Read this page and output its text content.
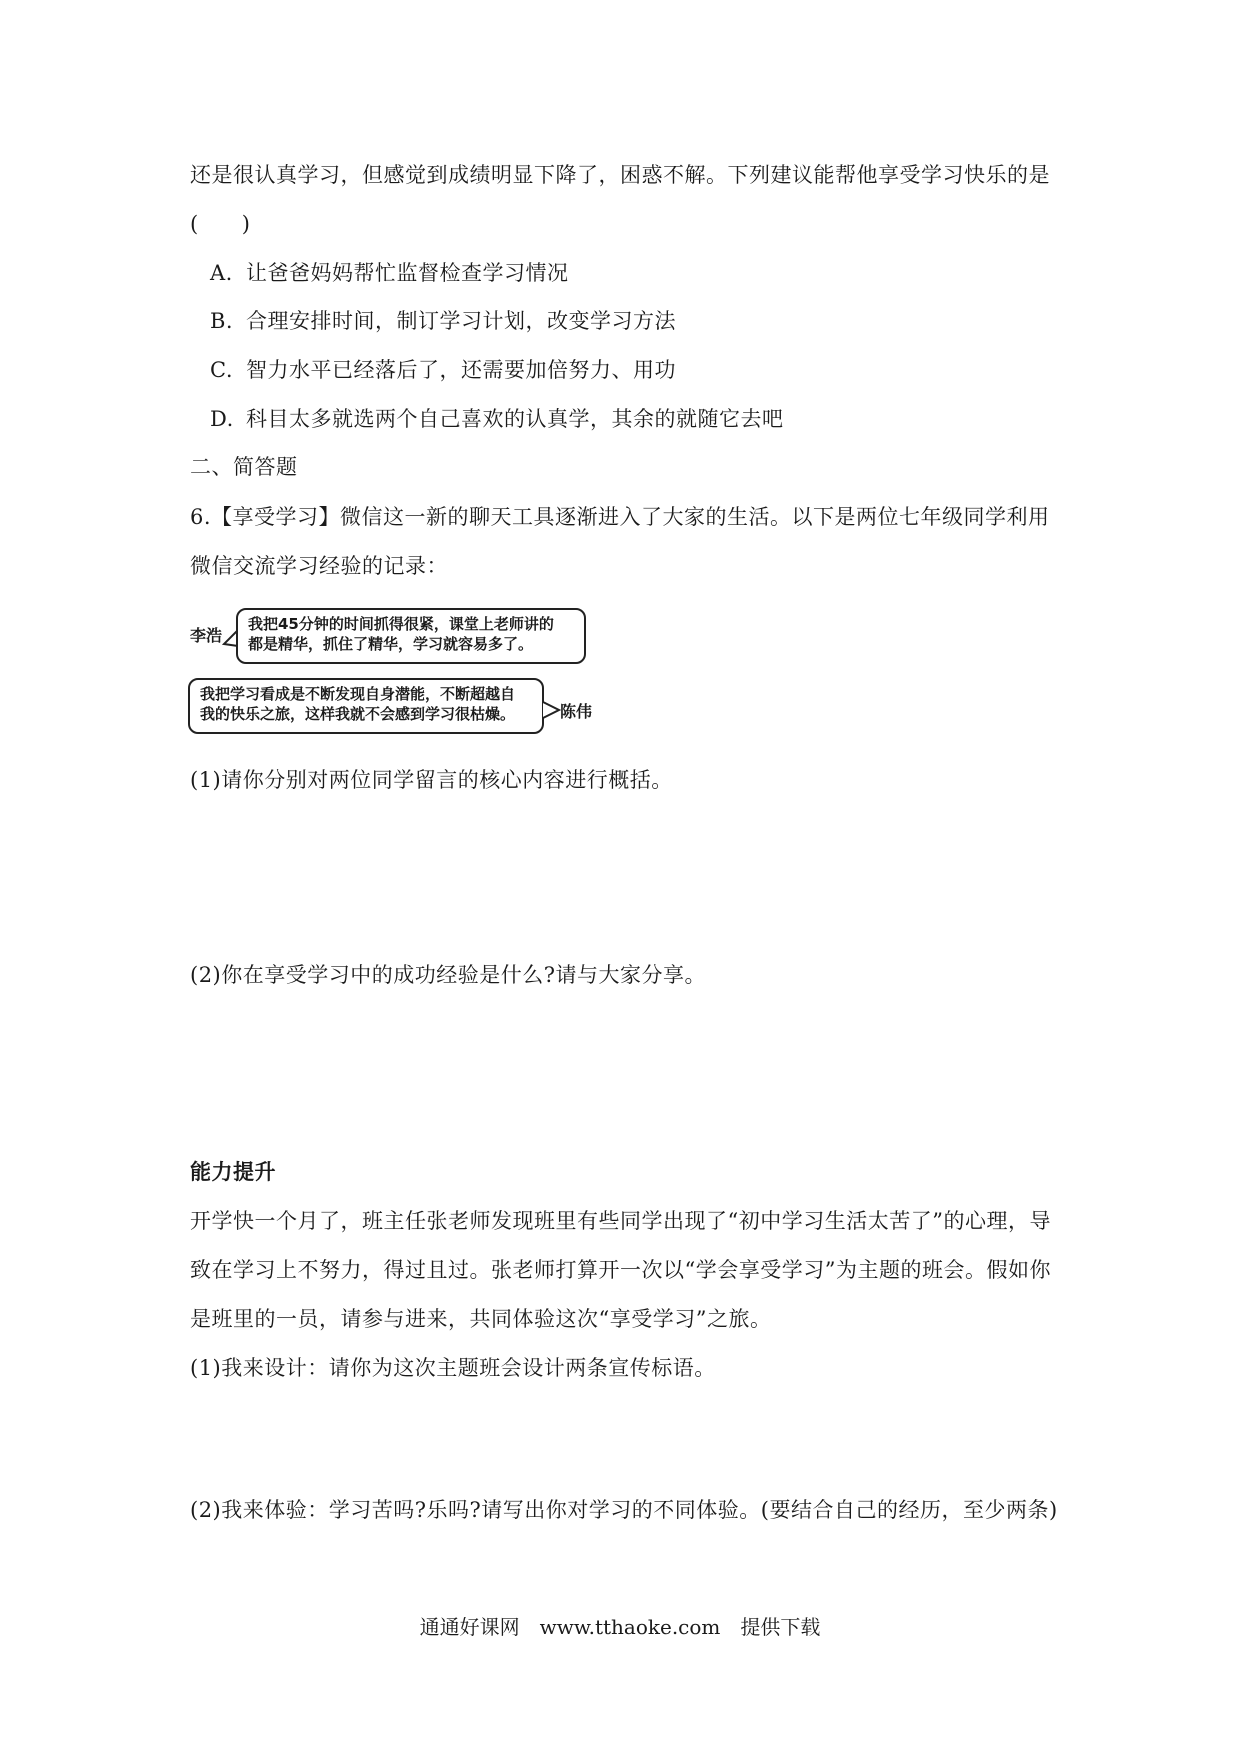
还是很认真学习，但感觉到成绩明显下降了，困惑不解。下列建议能帮他享受学习快乐的是
(　　)
A. 让爸爸妈妈帮忙监督检查学习情况
B. 合理安排时间，制订学习计划，改变学习方法
C. 智力水平已经落后了，还需要加倍努力、用功
D. 科目太多就选两个自己喜欢的认真学，其余的就随它去吧
二、简答题
6.【享受学习】微信这一新的聊天工具逐渐进入了大家的生活。以下是两位七年级同学利用
微信交流学习经验的记录：
李浩
我把45分钟的时间抓得很紧，课堂上老师讲的
都是精华，抓住了精华，学习就容易多了。
我把学习看成是不断发现自身潜能，不断超越自
我的快乐之旅，这样我就不会感到学习很枯燥。	陈伟
(1)请你分别对两位同学留言的核心内容进行概括。
(2)你在享受学习中的成功经验是什么?请与大家分享。
能力提升
开学快一个月了，班主任张老师发现班里有些同学出现了“初中学习生活太苦了”的心理，导
致在学习上不努力，得过且过。张老师打算开一次以“学会享受学习”为主题的班会。假如你
是班里的一员，请参与进来，共同体验这次“享受学习”之旅。
(1)我来设计：请你为这次主题班会设计两条宣传标语。
(2)我来体验：学习苦吗?乐吗?请写出你对学习的不同体验。(要结合自己的经历，至少两条)
通通好课网　www.tthaoke.com　提供下载
